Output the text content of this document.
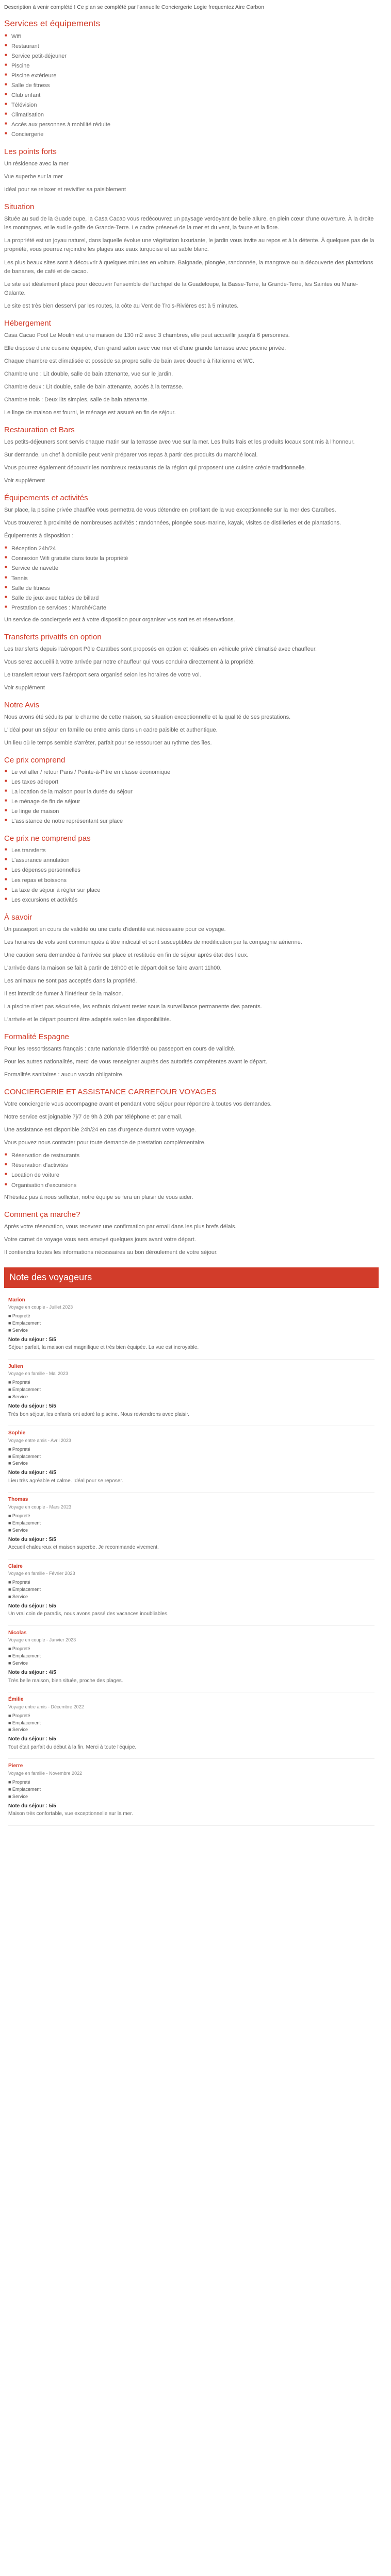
Description à venir complété ! Ce plan se complété par l'annuelle Conciergerie Logie frequentez Aire Carbon

Services et équipements
■ Wifi
■ Restaurant
■ Service petit-déjeuner
■ Piscine
■ Piscine extérieure
■ Salle de fitness
■ Club enfant
■ Télévision
■ Climatisation
■ Accès aux personnes à mobilité réduite
■ Conciergerie
Les points forts

Un résidence avec la mer

Vue superbe sur la mer

Idéal pour se relaxer et revivifier sa paisiblement

Situation

Située au sud de la Guadeloupe, la Casa Cacao vous redécouvrez un paysage verdoyant de belle allure, en plein cœur d'une ouverture. À la droite les montagnes, et le sud le golfe de Grande-Terre. Le cadre préservé de la mer et du vent, la faune et la flore.

La propriété est un joyau naturel, dans laquelle évolue une végétation luxuriante, le jardin vous invite au repos et à la détente. À quelques pas de la propriété, vous pourrez rejoindre les plages aux eaux turquoise et au sable blanc.

Les plus beaux sites sont à découvrir à quelques minutes en voiture. Baignade, plongée, randonnée, la mangrove ou la découverte des plantations de bananes, de café et de cacao.

Le site est idéalement placé pour découvrir l'ensemble de l'archipel de la Guadeloupe, la Basse-Terre, la Grande-Terre, les Saintes ou Marie-Galante.

Le site est très bien desservi par les routes, la côte au Vent de Trois-Rivières est à 5 minutes.

Hébergement

Casa Cacao Pool Le Moulin est une maison de 130 m2 avec 3 chambres, elle peut accueillir jusqu'à 6 personnes.

Elle dispose d'une cuisine équipée, d'un grand salon avec vue mer et d'une grande terrasse avec piscine privée.

Chaque chambre est climatisée et possède sa propre salle de bain avec douche à l'italienne et WC.

Chambre une : Lit double, salle de bain attenante, vue sur le jardin.

Chambre deux : Lit double, salle de bain attenante, accès à la terrasse.

Chambre trois : Deux lits simples, salle de bain attenante.

Le linge de maison est fourni, le ménage est assuré en fin de séjour.

Restauration et Bars

Les petits-déjeuners sont servis chaque matin sur la terrasse avec vue sur la mer. Les fruits frais et les produits locaux sont mis à l'honneur.

Sur demande, un chef à domicile peut venir préparer vos repas à partir des produits du marché local.

Vous pourrez également découvrir les nombreux restaurants de la région qui proposent une cuisine créole traditionnelle.

Voir supplément

Équipements et activités

Sur place, la piscine privée chauffée vous permettra de vous détendre en profitant de la vue exceptionnelle sur la mer des Caraïbes.

Vous trouverez à proximité de nombreuses activités : randonnées, plongée sous-marine, kayak, visites de distilleries et de plantations.

Équipements à disposition :

■ Réception 24h/24
■ Connexion Wifi gratuite dans toute la propriété
■ Service de navette
■ Tennis
■ Salle de fitness
■ Salle de jeux avec tables de billard
■ Prestation de services : Marché/Carte

Un service de conciergerie est à votre disposition pour organiser vos sorties et réservations.

Transferts privatifs en option

Les transferts depuis l'aéroport Pôle Caraïbes sont proposés en option et réalisés en véhicule privé climatisé avec chauffeur.

Vous serez accueilli à votre arrivée par notre chauffeur qui vous conduira directement à la propriété.

Le transfert retour vers l'aéroport sera organisé selon les horaires de votre vol.

Voir supplément

Notre Avis

Nous avons été séduits par le charme de cette maison, sa situation exceptionnelle et la qualité de ses prestations.

L'idéal pour un séjour en famille ou entre amis dans un cadre paisible et authentique.

Un lieu où le temps semble s'arrêter, parfait pour se ressourcer au rythme des îles.

Ce prix comprend
■ Le vol aller / retour Paris / Pointe-à-Pitre en classe économique
■ Les taxes aéroport
■ La location de la maison pour la durée du séjour
■ Le ménage de fin de séjour
■ Le linge de maison
■ L'assistance de notre représentant sur place
Ce prix ne comprend pas
■ Les transferts
■ L'assurance annulation
■ Les dépenses personnelles
■ Les repas et boissons
■ La taxe de séjour à régler sur place
■ Les excursions et activités
À savoir

Un passeport en cours de validité ou une carte d'identité est nécessaire pour ce voyage.

Les horaires de vols sont communiqués à titre indicatif et sont susceptibles de modification par la compagnie aérienne.

Une caution sera demandée à l'arrivée sur place et restituée en fin de séjour après état des lieux.

L'arrivée dans la maison se fait à partir de 16h00 et le départ doit se faire avant 11h00.

Les animaux ne sont pas acceptés dans la propriété.

Il est interdit de fumer à l'intérieur de la maison.

La piscine n'est pas sécurisée, les enfants doivent rester sous la surveillance permanente des parents.

L'arrivée et le départ pourront être adaptés selon les disponibilités.

Formalité Espagne

Pour les ressortissants français : carte nationale d'identité ou passeport en cours de validité.

Pour les autres nationalités, merci de vous renseigner auprès des autorités compétentes avant le départ.

Formalités sanitaires : aucun vaccin obligatoire.

CONCIERGERIE ET ASSISTANCE CARREFOUR VOYAGES

Votre conciergerie vous accompagne avant et pendant votre séjour pour répondre à toutes vos demandes.

Notre service est joignable 7j/7 de 9h à 20h par téléphone et par email.

Une assistance est disponible 24h/24 en cas d'urgence durant votre voyage.

Vous pouvez nous contacter pour toute demande de prestation complémentaire.

■ Réservation de restaurants
■ Réservation d'activités
■ Location de voiture
■ Organisation d'excursions

N'hésitez pas à nous solliciter, notre équipe se fera un plaisir de vous aider.

Comment ça marche?

Après votre réservation, vous recevrez une confirmation par email dans les plus brefs délais.

Votre carnet de voyage vous sera envoyé quelques jours avant votre départ.

Il contiendra toutes les informations nécessaires au bon déroulement de votre séjour.

Note des voyageurs
Marion
Voyage en couple - Juillet 2023
■ Propreté
■ Emplacement
■ Service
Note du séjour : 5/5

Séjour parfait, la maison est magnifique et très bien équipée. La vue est incroyable.

Julien
Voyage en famille - Mai 2023
■ Propreté
■ Emplacement
■ Service
Note du séjour : 5/5

Très bon séjour, les enfants ont adoré la piscine. Nous reviendrons avec plaisir.

Sophie
Voyage entre amis - Avril 2023
■ Propreté
■ Emplacement
■ Service
Note du séjour : 4/5

Lieu très agréable et calme. Idéal pour se reposer.

Thomas
Voyage en couple - Mars 2023
■ Propreté
■ Emplacement
■ Service
Note du séjour : 5/5

Accueil chaleureux et maison superbe. Je recommande vivement.

Claire
Voyage en famille - Février 2023
■ Propreté
■ Emplacement
■ Service
Note du séjour : 5/5

Un vrai coin de paradis, nous avons passé des vacances inoubliables.

Nicolas
Voyage en couple - Janvier 2023
■ Propreté
■ Emplacement
■ Service
Note du séjour : 4/5

Très belle maison, bien située, proche des plages.

Émilie
Voyage entre amis - Décembre 2022
■ Propreté
■ Emplacement
■ Service
Note du séjour : 5/5

Tout était parfait du début à la fin. Merci à toute l'équipe.

Pierre
Voyage en famille - Novembre 2022
■ Propreté
■ Emplacement
■ Service
Note du séjour : 5/5

Maison très confortable, vue exceptionnelle sur la mer.
